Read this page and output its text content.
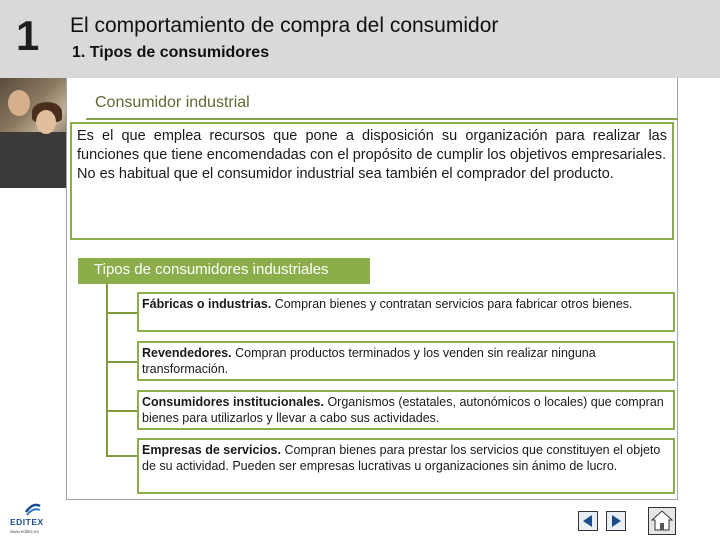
1 El comportamiento de compra del consumidor
1. Tipos de consumidores
Consumidor industrial

Es el que emplea recursos que pone a disposición su organización para realizar las funciones que tiene encomendadas con el propósito de cumplir los objetivos empresariales.

No es habitual que el consumidor industrial sea también el comprador del producto.

Tipos de consumidores industriales
Fábricas o industrias. Compran bienes y contratan servicios para fabricar otros bienes.
Revendedores. Compran productos terminados y los venden sin realizar ninguna transformación.
Consumidores institucionales. Organismos (estatales, autonómicos o locales) que compran bienes para utilizarlos y llevar a cabo sus actividades.
Empresas de servicios. Compran bienes para prestar los servicios que constituyen el objeto de su actividad. Pueden ser empresas lucrativas u organizaciones sin ánimo de lucro.
EDITEX
www.editex.es
